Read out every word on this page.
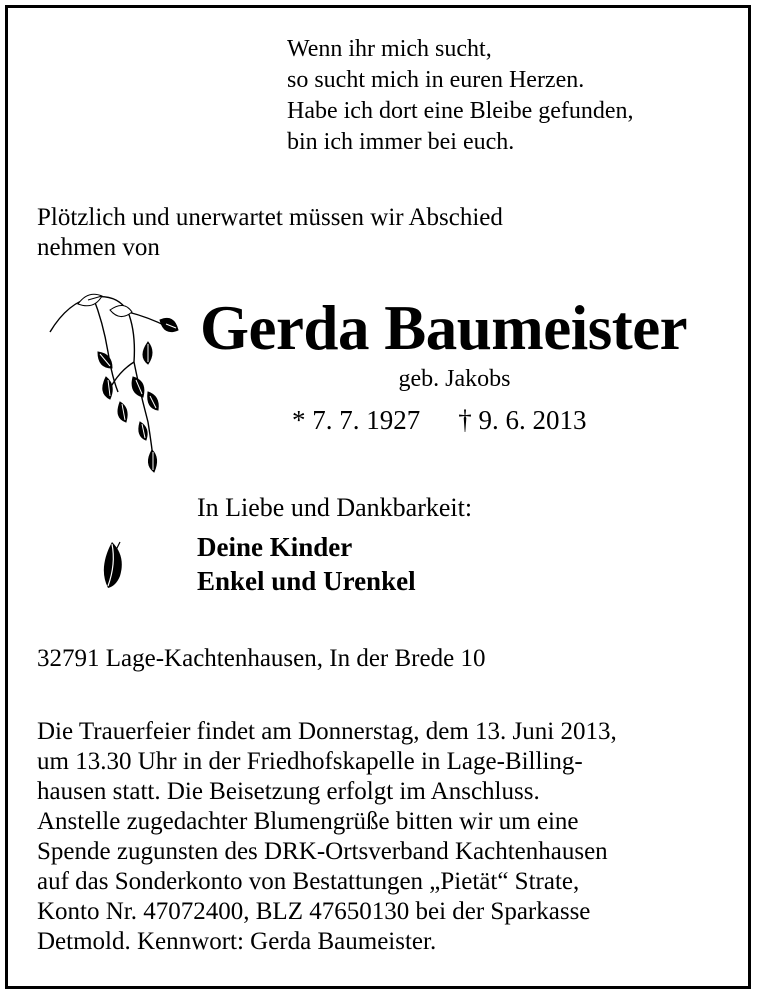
Wenn ihr mich sucht,
so sucht mich in euren Herzen.
Habe ich dort eine Bleibe gefunden,
bin ich immer bei euch.
Plötzlich und unerwartet müssen wir Abschied
nehmen von
Gerda Baumeister
geb. Jakobs
* 7. 7. 1927 † 9. 6. 2013
In Liebe und Dankbarkeit:
Deine Kinder
Enkel und Urenkel
32791 Lage-Kachtenhausen, In der Brede 10
Die Trauerfeier findet am Donnerstag, dem 13. Juni 2013,
um 13.30 Uhr in der Friedhofskapelle in Lage-Billing-
hausen statt. Die Beisetzung erfolgt im Anschluss.
Anstelle zugedachter Blumengrüße bitten wir um eine
Spende zugunsten des DRK-Ortsverband Kachtenhausen
auf das Sonderkonto von Bestattungen „Pietät“ Strate,
Konto Nr. 47072400, BLZ 47650130 bei der Sparkasse
Detmold. Kennwort: Gerda Baumeister.
